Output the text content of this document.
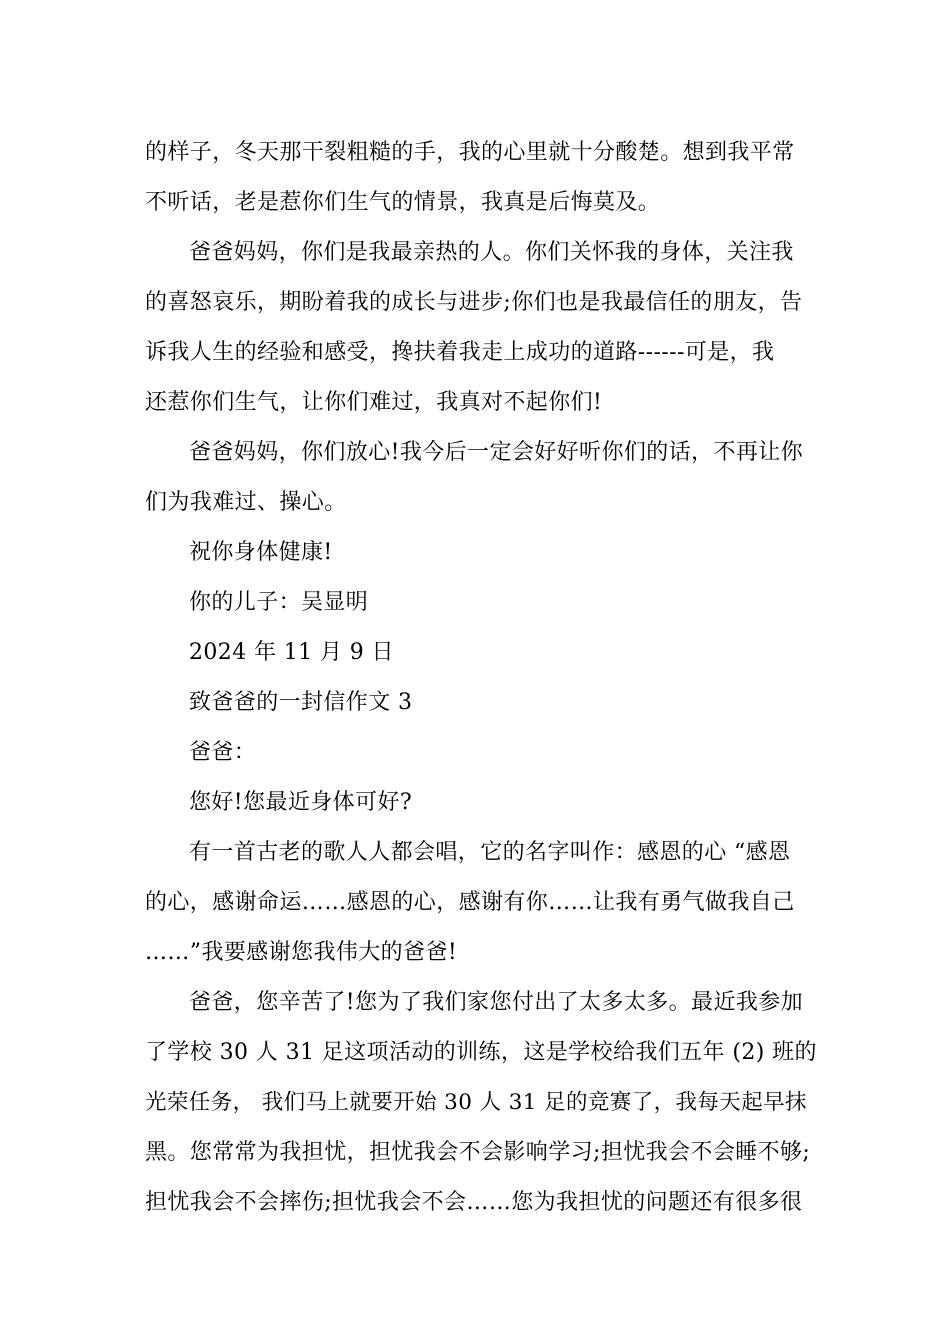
的样子，冬天那干裂粗糙的手，我的心里就十分酸楚。想到我平常
不听话，老是惹你们生气的情景，我真是后悔莫及。
爸爸妈妈，你们是我最亲热的人。你们关怀我的身体，关注我
的喜怒哀乐，期盼着我的成长与进步;你们也是我最信任的朋友，告
诉我人生的经验和感受，搀扶着我走上成功的道路------可是，我
还惹你们生气，让你们难过，我真对不起你们!
爸爸妈妈，你们放心!我今后一定会好好听你们的话，不再让你
们为我难过、操心。
祝你身体健康!
你的儿子：吴显明
2024 年 11 月 9 日
致爸爸的一封信作文 3
爸爸：
您好!您最近身体可好?
有一首古老的歌人人都会唱，它的名字叫作：感恩的心 “感恩
的心，感谢命运……感恩的心，感谢有你……让我有勇气做我自己
……”我要感谢您我伟大的爸爸!
爸爸，您辛苦了!您为了我们家您付出了太多太多。最近我参加
了学校 30 人 31 足这项活动的训练，这是学校给我们五年 (2) 班的
光荣任务， 我们马上就要开始 30 人 31 足的竞赛了，我每天起早抹
黑。您常常为我担忧，担忧我会不会影响学习;担忧我会不会睡不够;
担忧我会不会摔伤;担忧我会不会……您为我担忧的问题还有很多很
